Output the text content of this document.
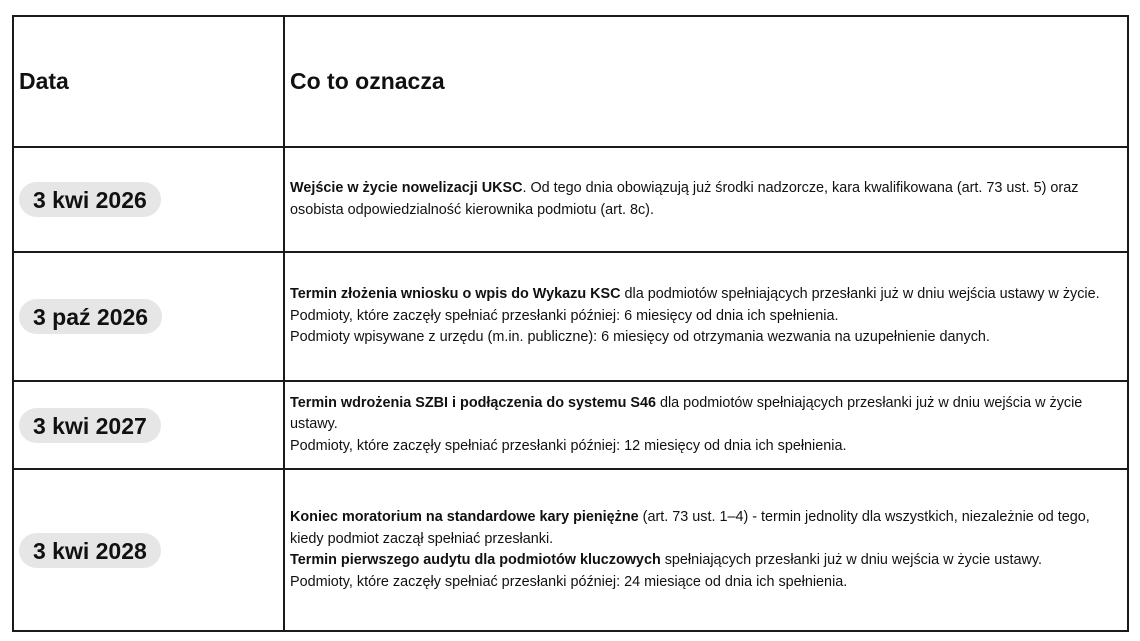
Data	Co to oznacza

3 kwi 2026	Wejście w życie nowelizacji UKSC. Od tego dnia obowiązują już środki nadzorcze, kara kwalifikowana (art. 73 ust. 5) oraz osobista odpowiedzialność kierownika podmiotu (art. 8c).

3 paź 2026	Termin złożenia wniosku o wpis do Wykazu KSC dla podmiotów spełniających przesłanki już w dniu wejścia ustawy w życie.

Podmioty, które zaczęły spełniać przesłanki później: 6 miesięcy od dnia ich spełnienia.

Podmioty wpisywane z urzędu (m.in. publiczne): 6 miesięcy od otrzymania wezwania na uzupełnienie danych.

3 kwi 2027	Termin wdrożenia SZBI i podłączenia do systemu S46 dla podmiotów spełniających przesłanki już w dniu wejścia w życie ustawy.

Podmioty, które zaczęły spełniać przesłanki później: 12 miesięcy od dnia ich spełnienia.

3 kwi 2028	Koniec moratorium na standardowe kary pieniężne (art. 73 ust. 1–4) - termin jednolity dla wszystkich, niezależnie od tego, kiedy podmiot zaczął spełniać przesłanki.

Termin pierwszego audytu dla podmiotów kluczowych spełniających przesłanki już w dniu wejścia w życie ustawy.

Podmioty, które zaczęły spełniać przesłanki później: 24 miesiące od dnia ich spełnienia.
